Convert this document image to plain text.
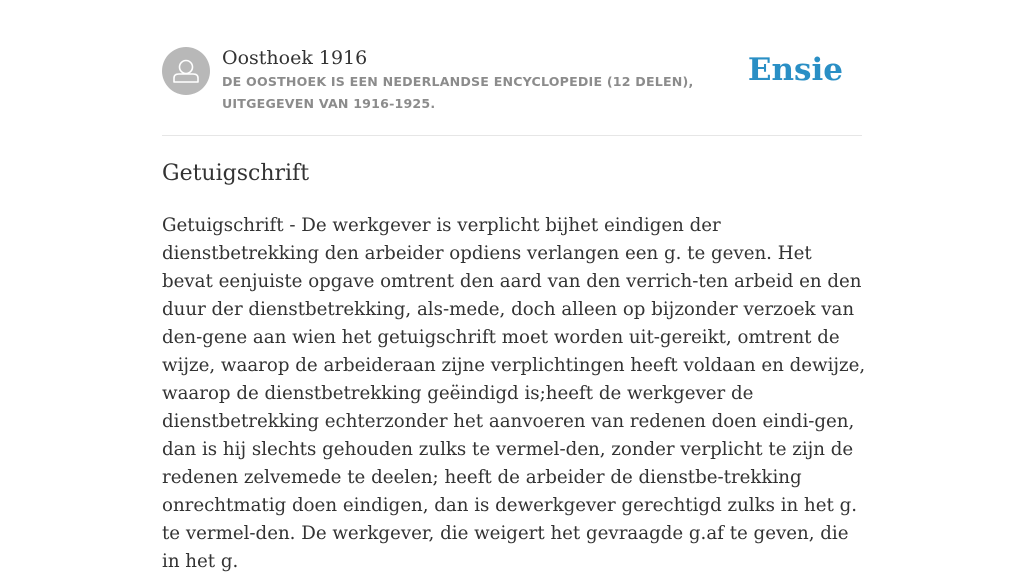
Oosthoek 1916
DE OOSTHOEK IS EEN NEDERLANDSE ENCYCLOPEDIE (12 DELEN), UITGEGEVEN VAN 1916-1925.
Ensie
Getuigschrift

Getuigschrift - De werkgever is verplicht bijhet eindigen der dienstbetrekking den arbeider opdiens verlangen een g. te geven. Het bevat eenjuiste opgave omtrent den aard van den verrich-ten arbeid en den duur der dienstbetrekking, als-mede, doch alleen op bijzonder verzoek van den-gene aan wien het getuigschrift moet worden uit-gereikt, omtrent de wijze, waarop de arbeideraan zijne verplichtingen heeft voldaan en dewijze, waarop de dienstbetrekking geëindigd is;heeft de werkgever de dienstbetrekking echterzonder het aanvoeren van redenen doen eindi-gen, dan is hij slechts gehouden zulks te vermel-den, zonder verplicht te zijn de redenen zelvemede te deelen; heeft de arbeider de dienstbe-trekking onrechtmatig doen eindigen, dan is dewerkgever gerechtigd zulks in het g. te vermel-den. De werkgever, die weigert het gevraagde g.af te geven, die in het g.
